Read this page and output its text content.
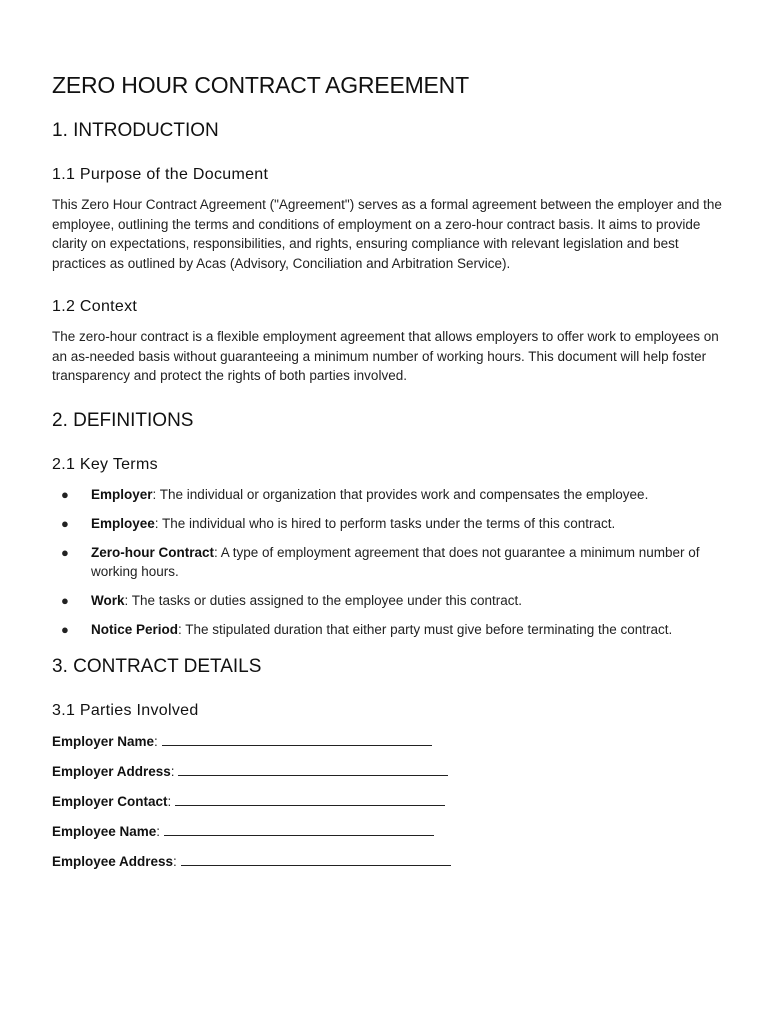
ZERO HOUR CONTRACT AGREEMENT
1. INTRODUCTION
1.1 Purpose of the Document

This Zero Hour Contract Agreement ("Agreement") serves as a formal agreement between the employer and the employee, outlining the terms and conditions of employment on a zero-hour contract basis. It aims to provide clarity on expectations, responsibilities, and rights, ensuring compliance with relevant legislation and best practices as outlined by Acas (Advisory, Conciliation and Arbitration Service).

1.2 Context

The zero-hour contract is a flexible employment agreement that allows employers to offer work to employees on an as-needed basis without guaranteeing a minimum number of working hours. This document will help foster transparency and protect the rights of both parties involved.

2. DEFINITIONS
2.1 Key Terms
● Employer: The individual or organization that provides work and compensates the employee.
● Employee: The individual who is hired to perform tasks under the terms of this contract.
● Zero-hour Contract: A type of employment agreement that does not guarantee a minimum number of working hours.
● Work: The tasks or duties assigned to the employee under this contract.
● Notice Period: The stipulated duration that either party must give before terminating the contract.
3. CONTRACT DETAILS
3.1 Parties Involved
Employer Name:
Employer Address:
Employer Contact:
Employee Name:
Employee Address:
